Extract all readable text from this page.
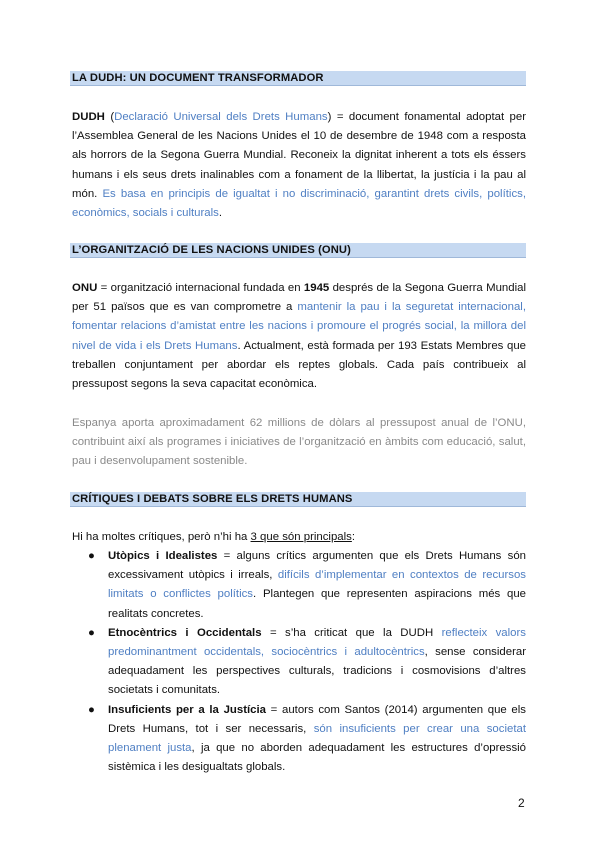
LA DUDH: UN DOCUMENT TRANSFORMADOR

DUDH (Declaració Universal dels Drets Humans) = document fonamental adoptat per l’Assemblea General de les Nacions Unides el 10 de desembre de 1948 com a resposta als horrors de la Segona Guerra Mundial. Reconeix la dignitat inherent a tots els éssers humans i els seus drets inalinables com a fonament de la llibertat, la justícia i la pau al món. Es basa en principis de igualtat i no discriminació, garantint drets civils, polítics, econòmics, socials i culturals.

L’ORGANITZACIÓ DE LES NACIONS UNIDES (ONU)

ONU = organització internacional fundada en 1945 després de la Segona Guerra Mundial per 51 països que es van comprometre a mantenir la pau i la seguretat internacional, fomentar relacions d’amistat entre les nacions i promoure el progrés social, la millora del nivel de vida i els Drets Humans. Actualment, està formada per 193 Estats Membres que treballen conjuntament per abordar els reptes globals. Cada país contribueix al pressupost segons la seva capacitat econòmica.

Espanya aporta aproximadament 62 millions de dòlars al pressupost anual de l’ONU, contribuint així als programes i iniciatives de l’organització en àmbits com educació, salut, pau i desenvolupament sostenible.

CRÍTIQUES I DEBATS SOBRE ELS DRETS HUMANS

Hi ha moltes crítiques, però n’hi ha 3 que són principals:

● Utòpics i Idealistes = alguns crítics argumenten que els Drets Humans són excessivament utòpics i irreals, difícils d’implementar en contextos de recursos limitats o conflictes polítics. Plantegen que representen aspiracions més que realitats concretes.
● Etnocèntrics i Occidentals = s’ha criticat que la DUDH reflecteix valors predominantment occidentals, sociocèntrics i adultocèntrics, sense considerar adequadament les perspectives culturals, tradicions i cosmovisions d’altres societats i comunitats.
● Insuficients per a la Justícia = autors com Santos (2014) argumenten que els Drets Humans, tot i ser necessaris, són insuficients per crear una societat plenament justa, ja que no aborden adequadament les estructures d’opressió sistèmica i les desigualtats globals.
2
